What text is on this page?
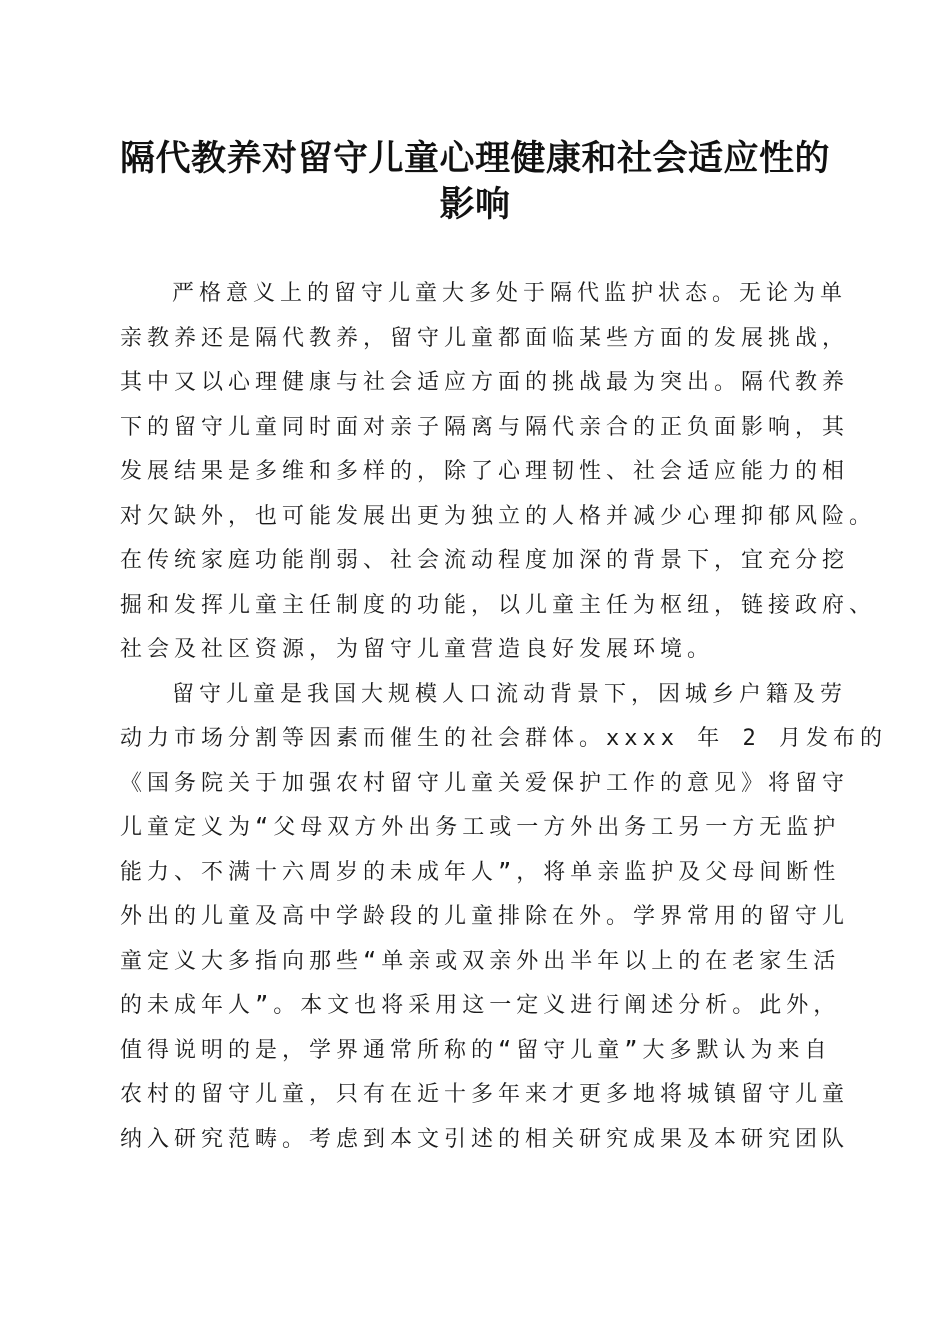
隔代教养对留守儿童心理健康和社会适应性的
影响
严格意义上的留守儿童大多处于隔代监护状态。无论为单
亲教养还是隔代教养，留守儿童都面临某些方面的发展挑战，
其中又以心理健康与社会适应方面的挑战最为突出。隔代教养
下的留守儿童同时面对亲子隔离与隔代亲合的正负面影响，其
发展结果是多维和多样的，除了心理韧性、社会适应能力的相
对欠缺外，也可能发展出更为独立的人格并减少心理抑郁风险。
在传统家庭功能削弱、社会流动程度加深的背景下，宜充分挖
掘和发挥儿童主任制度的功能，以儿童主任为枢纽，链接政府、
社会及社区资源，为留守儿童营造良好发展环境。
留守儿童是我国大规模人口流动背景下，因城乡户籍及劳
动力市场分割等因素而催生的社会群体。xxxx 年 2 月发布的
《国务院关于加强农村留守儿童关爱保护工作的意见》将留守
儿童定义为“父母双方外出务工或一方外出务工另一方无监护
能力、不满十六周岁的未成年人”，将单亲监护及父母间断性
外出的儿童及高中学龄段的儿童排除在外。学界常用的留守儿
童定义大多指向那些“单亲或双亲外出半年以上的在老家生活
的未成年人”。本文也将采用这一定义进行阐述分析。此外，
值得说明的是，学界通常所称的“留守儿童”大多默认为来自
农村的留守儿童，只有在近十多年来才更多地将城镇留守儿童
纳入研究范畴。考虑到本文引述的相关研究成果及本研究团队
